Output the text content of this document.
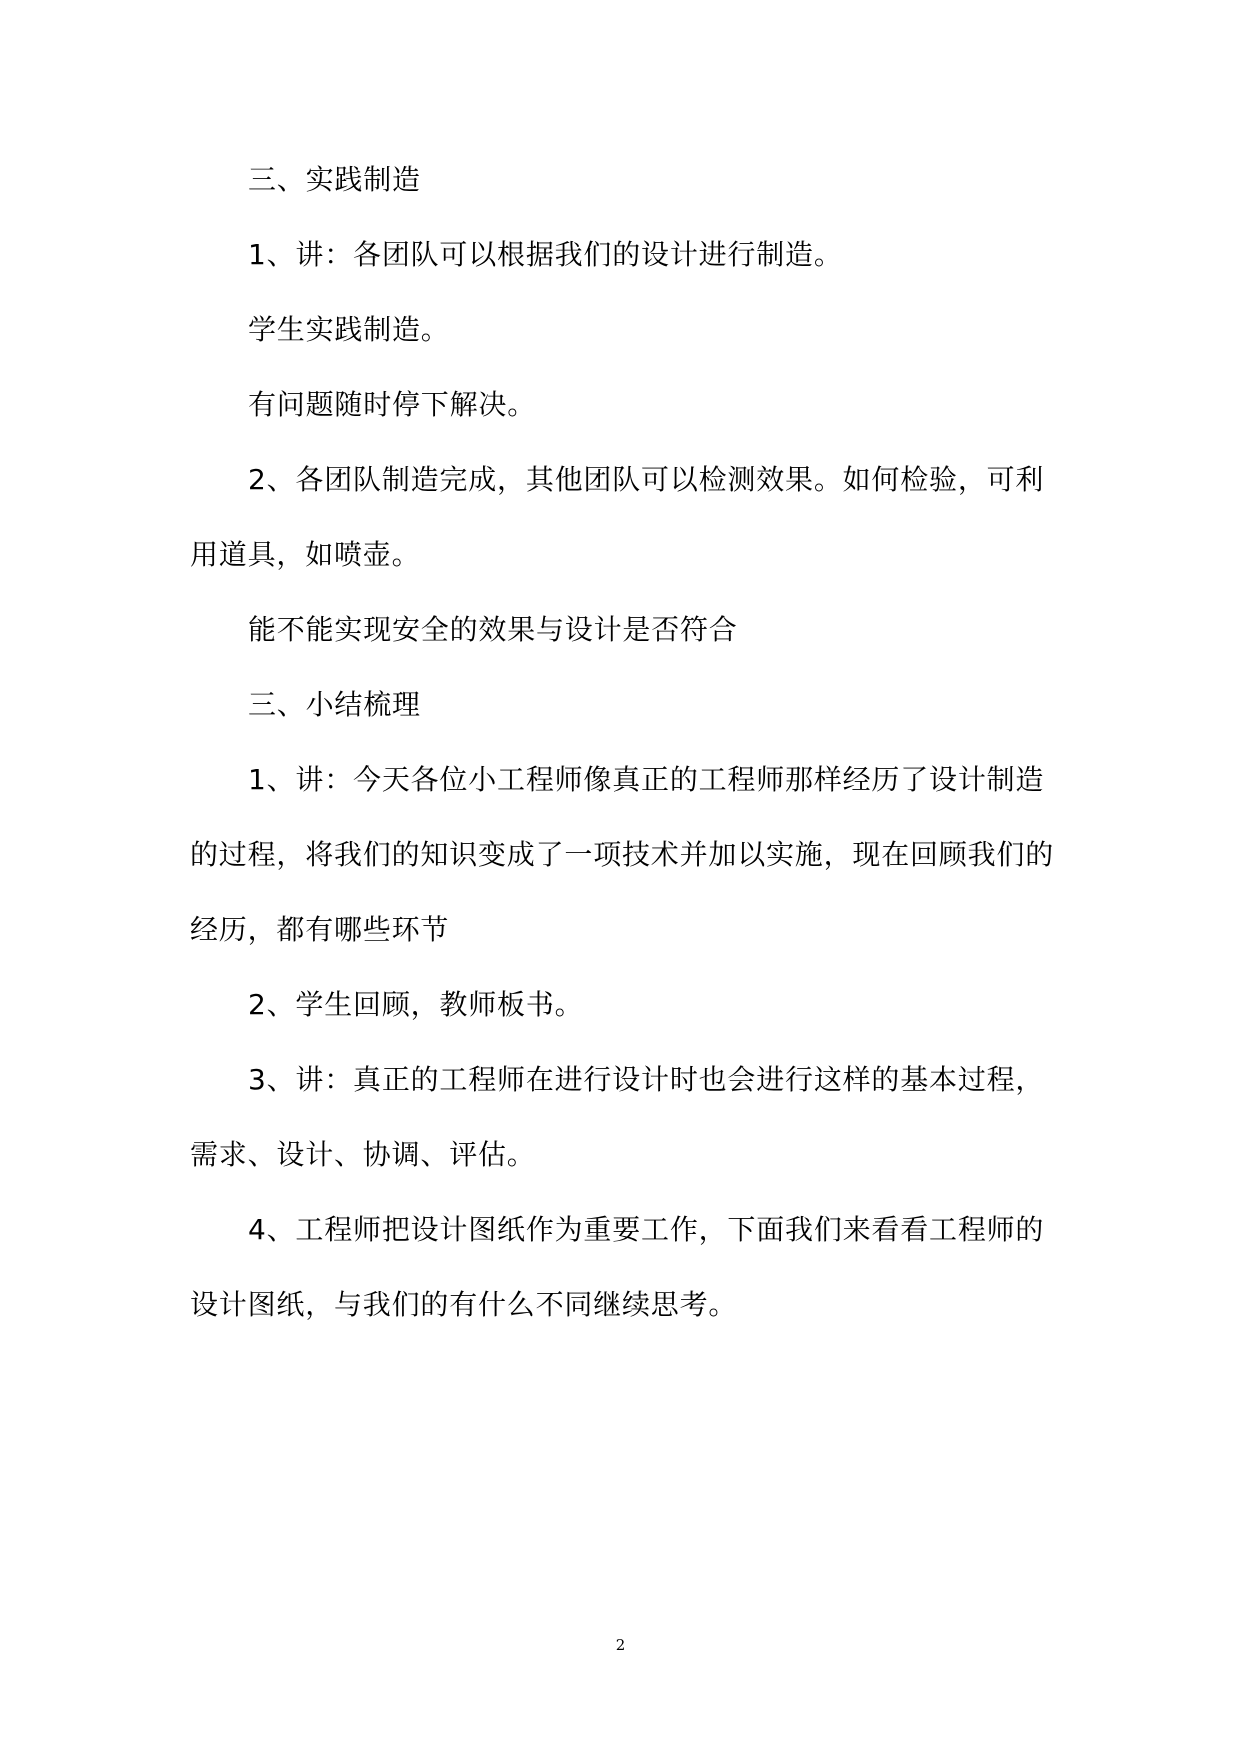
三、实践制造

1、讲：各团队可以根据我们的设计进行制造。

学生实践制造。

有问题随时停下解决。

2、各团队制造完成，其他团队可以检测效果。如何检验，可利用道具，如喷壶。

能不能实现安全的效果与设计是否符合

三、小结梳理

1、讲：今天各位小工程师像真正的工程师那样经历了设计制造的过程，将我们的知识变成了一项技术并加以实施，现在回顾我们的经历，都有哪些环节

2、学生回顾，教师板书。

3、讲：真正的工程师在进行设计时也会进行这样的基本过程，需求、设计、协调、评估。

4、工程师把设计图纸作为重要工作，下面我们来看看工程师的设计图纸，与我们的有什么不同继续思考。

2
